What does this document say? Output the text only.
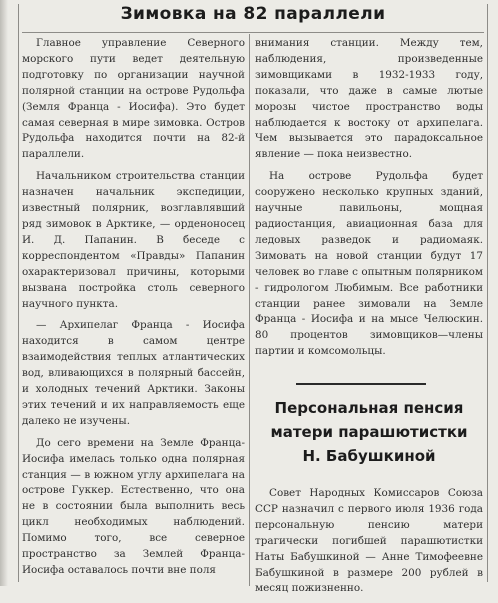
Зимовка на 82 параллели

Главное управление Северного морского пути ведет деятельную подготовку по организации научной полярной станции на острове Рудольфа (Земля Франца - Иосифа). Это будет самая северная в мире зимовка. Остров Рудольфа находится почти на 82-й параллели.

Начальником строительства станции назначен начальник экспедиции, известный полярник, возглавлявший ряд зимовок в Арктике, — орденоносец И. Д. Папанин. В беседе с корреспондентом «Правды» Папанин охарактеризовал причины, которыми вызвана постройка столь северного научного пункта.

— Архипелаг Франца - Иосифа находится в самом центре взаимодействия теплых атлантических вод, вливающихся в полярный бассейн, и холодных течений Арктики. Законы этих течений и их направляемость еще далеко не изучены.

До сего времени на Земле Франца-Иосифа имелась только одна полярная станция — в южном углу архипелага на острове Гуккер. Естественно, что она не в состоянии была выполнить весь цикл необходимых наблюдений. Помимо того, все северное пространство за Землей Франца-Иосифа оставалось почти вне поля

внимания станции. Между тем, наблюдения, произведенные зимовщиками в 1932-1933 году, показали, что даже в самые лютые морозы чистое пространство воды наблюдается к востоку от архипелага. Чем вызывается это парадоксальное явление — пока неизвестно.

На острове Рудольфа будет сооружено несколько крупных зданий, научные павильоны, мощная радиостанция, авиационная база для ледовых разведок и радиомаяк. Зимовать на новой станции будут 17 человек во главе с опытным полярником - гидрологом Любимым. Все работники станции ранее зимовали на Земле Франца - Иосифа и на мысе Челюскин. 80 процентов зимовщиков—члены партии и комсомольцы.

Персональная пенсия
матери парашютистки
Н. Бабушкиной

Совет Народных Комиссаров Союза ССР назначил с первого июля 1936 года персональную пенсию матери трагически погибшей парашютистки Наты Бабушкиной — Анне Тимофеевне Бабушкиной в размере 200 рублей в месяц пожизненно.
